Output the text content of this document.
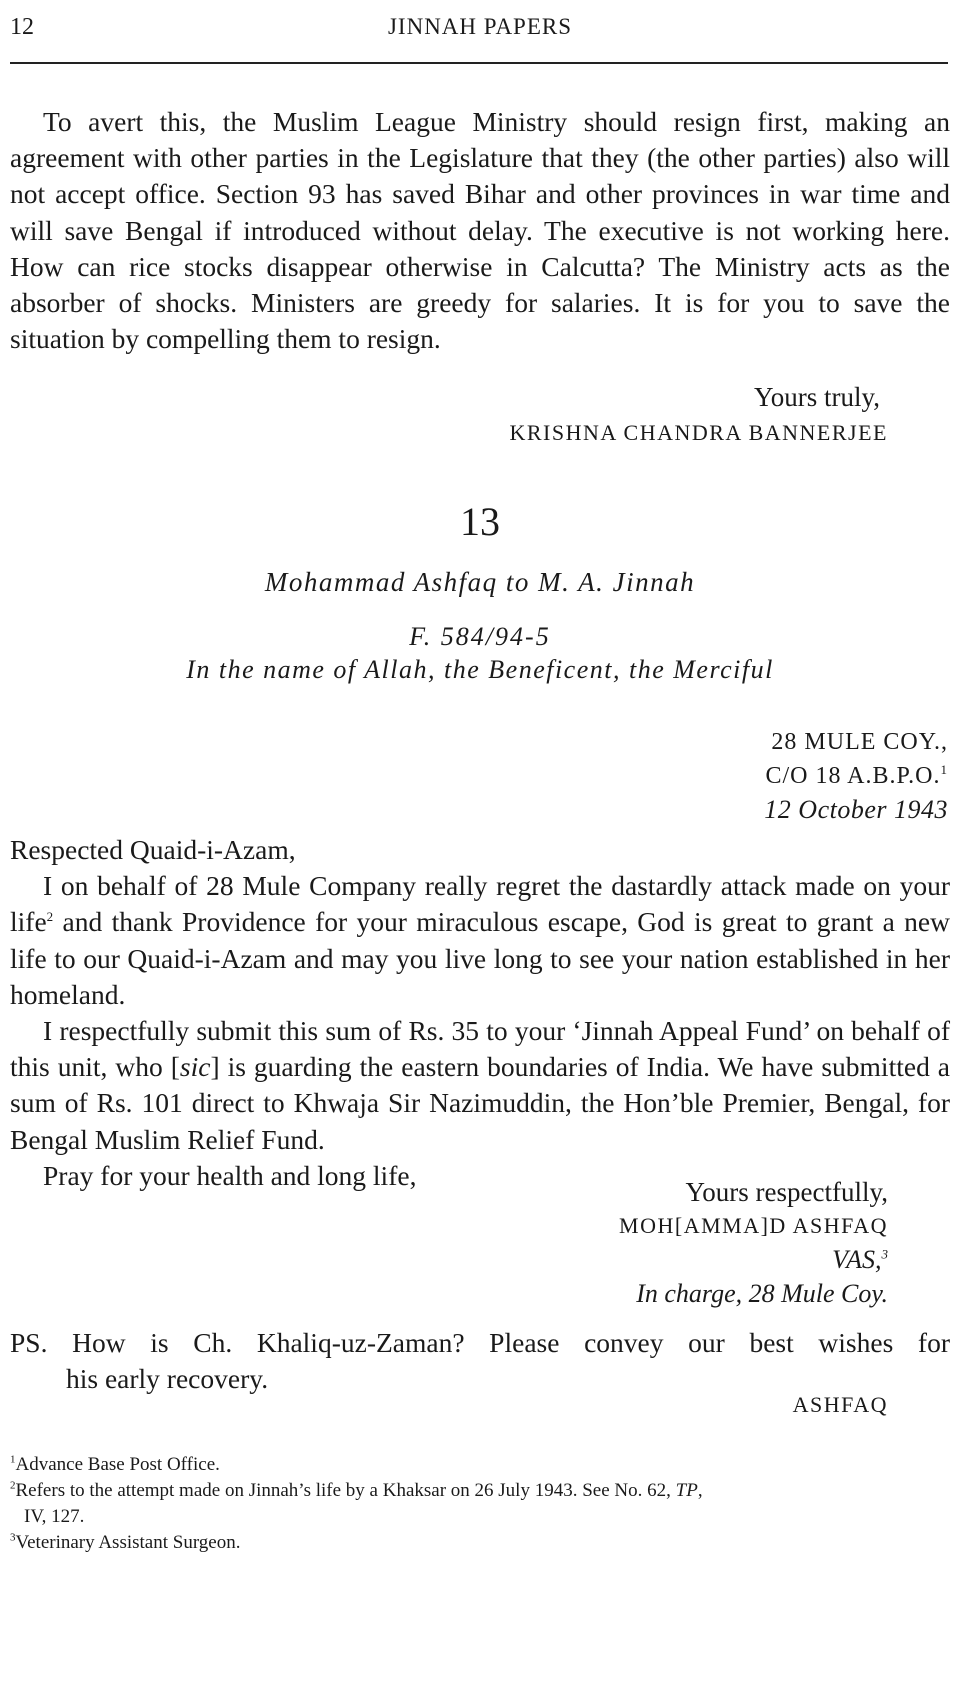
12	JINNAH PAPERS

To avert this, the Muslim League Ministry should resign first, making an agreement with other parties in the Legislature that they (the other parties) also will not accept office. Section 93 has saved Bihar and other provinces in war time and will save Bengal if introduced without delay. The executive is not working here. How can rice stocks disappear otherwise in Calcutta? The Ministry acts as the absorber of shocks. Ministers are greedy for salaries. It is for you to save the situation by compelling them to resign.

Yours truly,
KRISHNA CHANDRA BANNERJEE
13
Mohammad Ashfaq to M. A. Jinnah
F. 584/94-5
In the name of Allah, the Beneficent, the Merciful
28 MULE COY.,
C/O 18 A.B.P.O.$^1$
12 October 1943

Respected Quaid-i-Azam,

I on behalf of 28 Mule Company really regret the dastardly attack made on your life$^2$ and thank Providence for your miraculous escape, God is great to grant a new life to our Quaid-i-Azam and may you live long to see your nation established in her homeland.

I respectfully submit this sum of Rs. 35 to your ‘Jinnah Appeal Fund’ on behalf of this unit, who [sic] is guarding the eastern boundaries of India. We have submitted a sum of Rs. 101 direct to Khwaja Sir Nazimuddin, the Hon’ble Premier, Bengal, for Bengal Muslim Relief Fund.

Pray for your health and long life,

Yours respectfully,
MOH[AMMA]D ASHFAQ
VAS,$^3$
In charge, 28 Mule Coy.
PS. How is Ch. Khaliq-uz-Zaman? Please convey our best wishes for
his early recovery.
ASHFAQ

$^1$Advance Base Post Office.

$^2$Refers to the attempt made on Jinnah’s life by a Khaksar on 26 July 1943. See No. 62, TP,
IV, 127.

$^3$Veterinary Assistant Surgeon.
